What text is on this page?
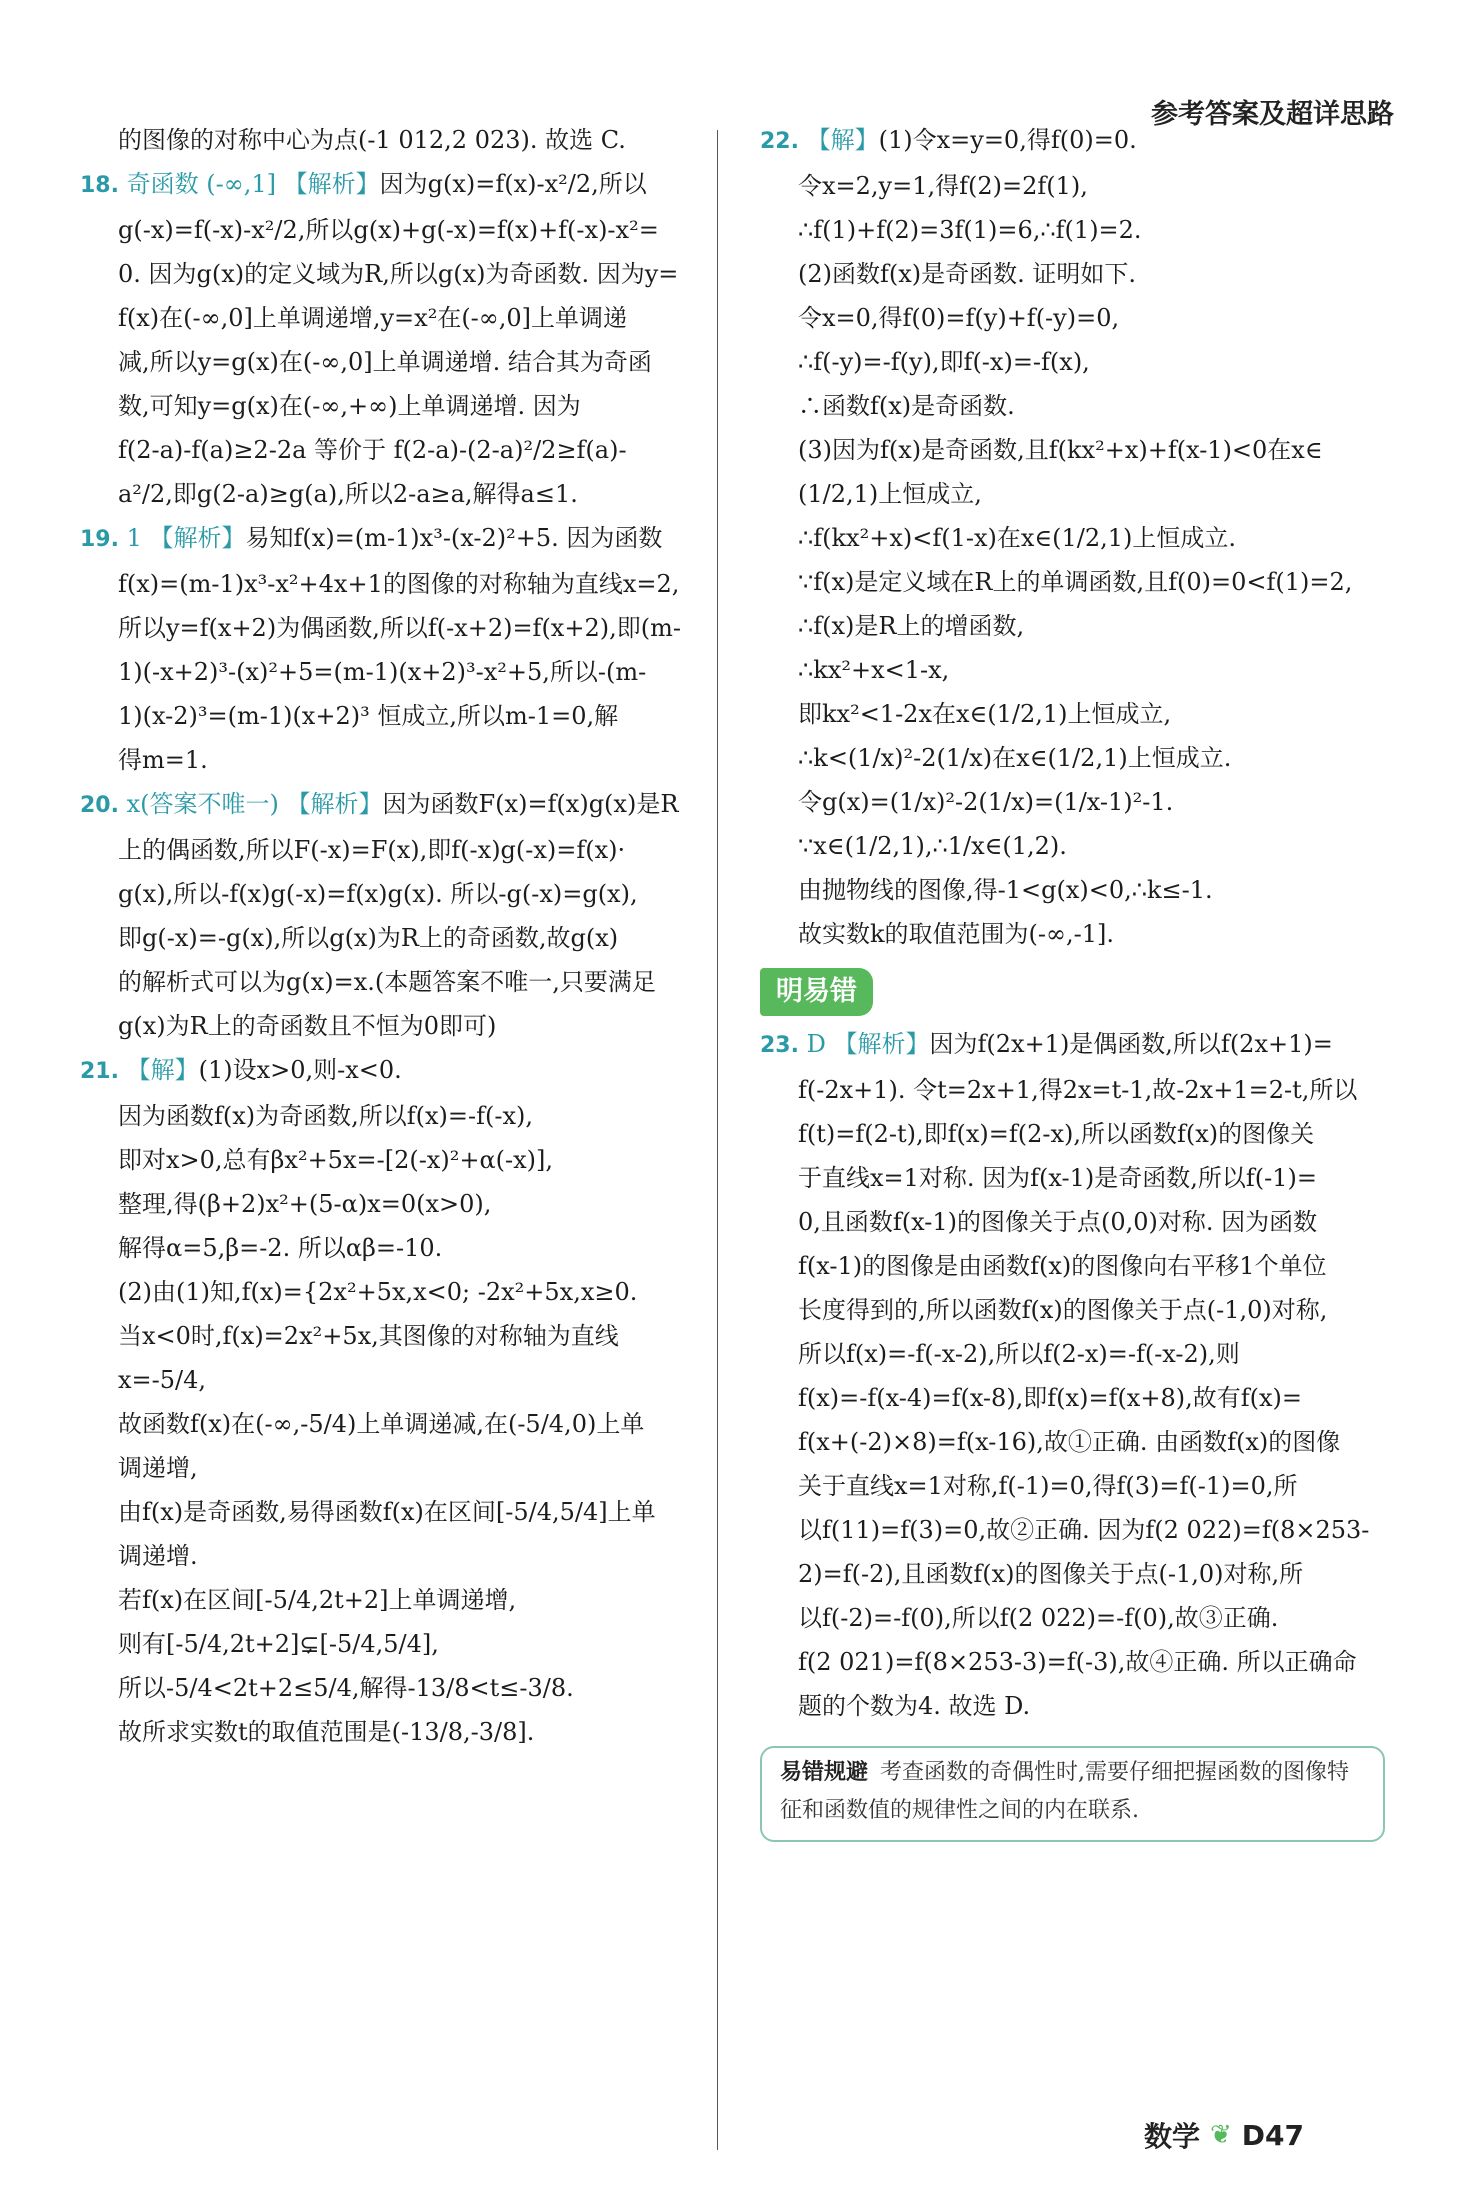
参考答案及超详思路

的图像的对称中心为点(-1 012,2 023). 故选 C.

18. 奇函数 (-∞,1] 【解析】因为g(x)=f(x)-x²/2,所以

g(-x)=f(-x)-x²/2,所以g(x)+g(-x)=f(x)+f(-x)-x²=

0. 因为g(x)的定义域为R,所以g(x)为奇函数. 因为y=

f(x)在(-∞,0]上单调递增,y=x²在(-∞,0]上单调递

减,所以y=g(x)在(-∞,0]上单调递增. 结合其为奇函

数,可知y=g(x)在(-∞,+∞)上单调递增. 因为

f(2-a)-f(a)≥2-2a 等价于 f(2-a)-(2-a)²/2≥f(a)-

a²/2,即g(2-a)≥g(a),所以2-a≥a,解得a≤1.

19. 1 【解析】易知f(x)=(m-1)x³-(x-2)²+5. 因为函数

f(x)=(m-1)x³-x²+4x+1的图像的对称轴为直线x=2,

所以y=f(x+2)为偶函数,所以f(-x+2)=f(x+2),即(m-

1)(-x+2)³-(x)²+5=(m-1)(x+2)³-x²+5,所以-(m-

1)(x-2)³=(m-1)(x+2)³ 恒成立,所以m-1=0,解

得m=1.

20. x(答案不唯一) 【解析】因为函数F(x)=f(x)g(x)是R

上的偶函数,所以F(-x)=F(x),即f(-x)g(-x)=f(x)·

g(x),所以-f(x)g(-x)=f(x)g(x). 所以-g(-x)=g(x),

即g(-x)=-g(x),所以g(x)为R上的奇函数,故g(x)

的解析式可以为g(x)=x.(本题答案不唯一,只要满足

g(x)为R上的奇函数且不恒为0即可)

21. 【解】(1)设x>0,则-x<0.

因为函数f(x)为奇函数,所以f(x)=-f(-x),

即对x>0,总有βx²+5x=-[2(-x)²+α(-x)],

整理,得(β+2)x²+(5-α)x=0(x>0),

解得α=5,β=-2. 所以αβ=-10.

(2)由(1)知,f(x)={2x²+5x,x<0; -2x²+5x,x≥0.

当x<0时,f(x)=2x²+5x,其图像的对称轴为直线x=-5/4,

故函数f(x)在(-∞,-5/4)上单调递减,在(-5/4,0)上单

调递增,

由f(x)是奇函数,易得函数f(x)在区间[-5/4,5/4]上单

调递增.

若f(x)在区间[-5/4,2t+2]上单调递增,

则有[-5/4,2t+2]⊊[-5/4,5/4],

所以-5/4<2t+2≤5/4,解得-13/8<t≤-3/8.

故所求实数t的取值范围是(-13/8,-3/8].

22. 【解】(1)令x=y=0,得f(0)=0.

令x=2,y=1,得f(2)=2f(1),

∴f(1)+f(2)=3f(1)=6,∴f(1)=2.

(2)函数f(x)是奇函数. 证明如下.

令x=0,得f(0)=f(y)+f(-y)=0,

∴f(-y)=-f(y),即f(-x)=-f(x),

∴函数f(x)是奇函数.

(3)因为f(x)是奇函数,且f(kx²+x)+f(x-1)<0在x∈

(1/2,1)上恒成立,

∴f(kx²+x)<f(1-x)在x∈(1/2,1)上恒成立.

∵f(x)是定义域在R上的单调函数,且f(0)=0<f(1)=2,

∴f(x)是R上的增函数,

∴kx²+x<1-x,

即kx²<1-2x在x∈(1/2,1)上恒成立,

∴k<(1/x)²-2(1/x)在x∈(1/2,1)上恒成立.

令g(x)=(1/x)²-2(1/x)=(1/x-1)²-1.

∵x∈(1/2,1),∴1/x∈(1,2).

由抛物线的图像,得-1<g(x)<0,∴k≤-1.

故实数k的取值范围为(-∞,-1].

明易错

23. D 【解析】因为f(2x+1)是偶函数,所以f(2x+1)=

f(-2x+1). 令t=2x+1,得2x=t-1,故-2x+1=2-t,所以

f(t)=f(2-t),即f(x)=f(2-x),所以函数f(x)的图像关

于直线x=1对称. 因为f(x-1)是奇函数,所以f(-1)=

0,且函数f(x-1)的图像关于点(0,0)对称. 因为函数

f(x-1)的图像是由函数f(x)的图像向右平移1个单位

长度得到的,所以函数f(x)的图像关于点(-1,0)对称,

所以f(x)=-f(-x-2),所以f(2-x)=-f(-x-2),则

f(x)=-f(x-4)=f(x-8),即f(x)=f(x+8),故有f(x)=

f(x+(-2)×8)=f(x-16),故①正确. 由函数f(x)的图像

关于直线x=1对称,f(-1)=0,得f(3)=f(-1)=0,所

以f(11)=f(3)=0,故②正确. 因为f(2 022)=f(8×253-

2)=f(-2),且函数f(x)的图像关于点(-1,0)对称,所

以f(-2)=-f(0),所以f(2 022)=-f(0),故③正确.

f(2 021)=f(8×253-3)=f(-3),故④正确. 所以正确命

题的个数为4. 故选 D.

易错规避 考查函数的奇偶性时,需要仔细把握函数的图像特征和函数值的规律性之间的内在联系.
数学 ❦ D47
